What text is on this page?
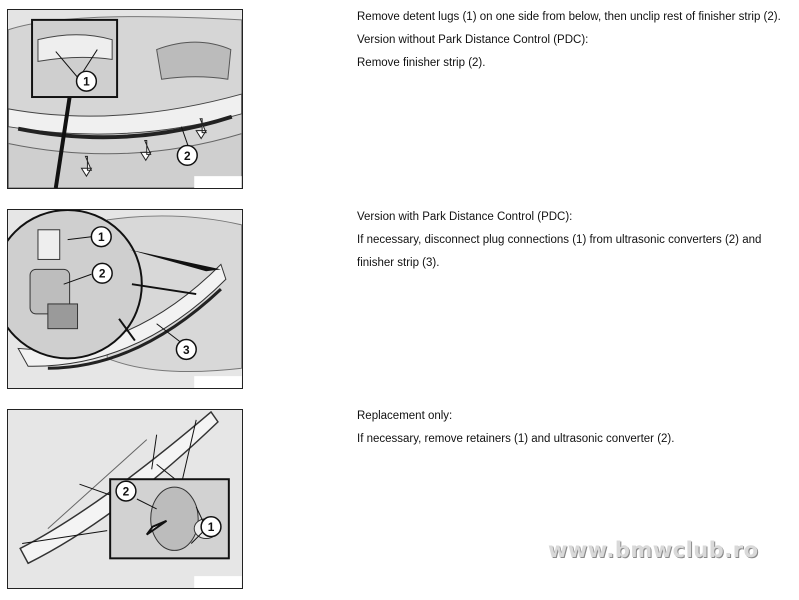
1
2
1
2
3
2
1

Remove detent lugs (1) on one side from below, then unclip rest of finisher strip (2).

Version without Park Distance Control (PDC):

Remove finisher strip (2).

Version with Park Distance Control (PDC):

If necessary, disconnect plug connections (1) from ultrasonic converters (2) and

finisher strip (3).

Replacement only:

If necessary, remove retainers (1) and ultrasonic converter (2).

www.bmwclub.ro
